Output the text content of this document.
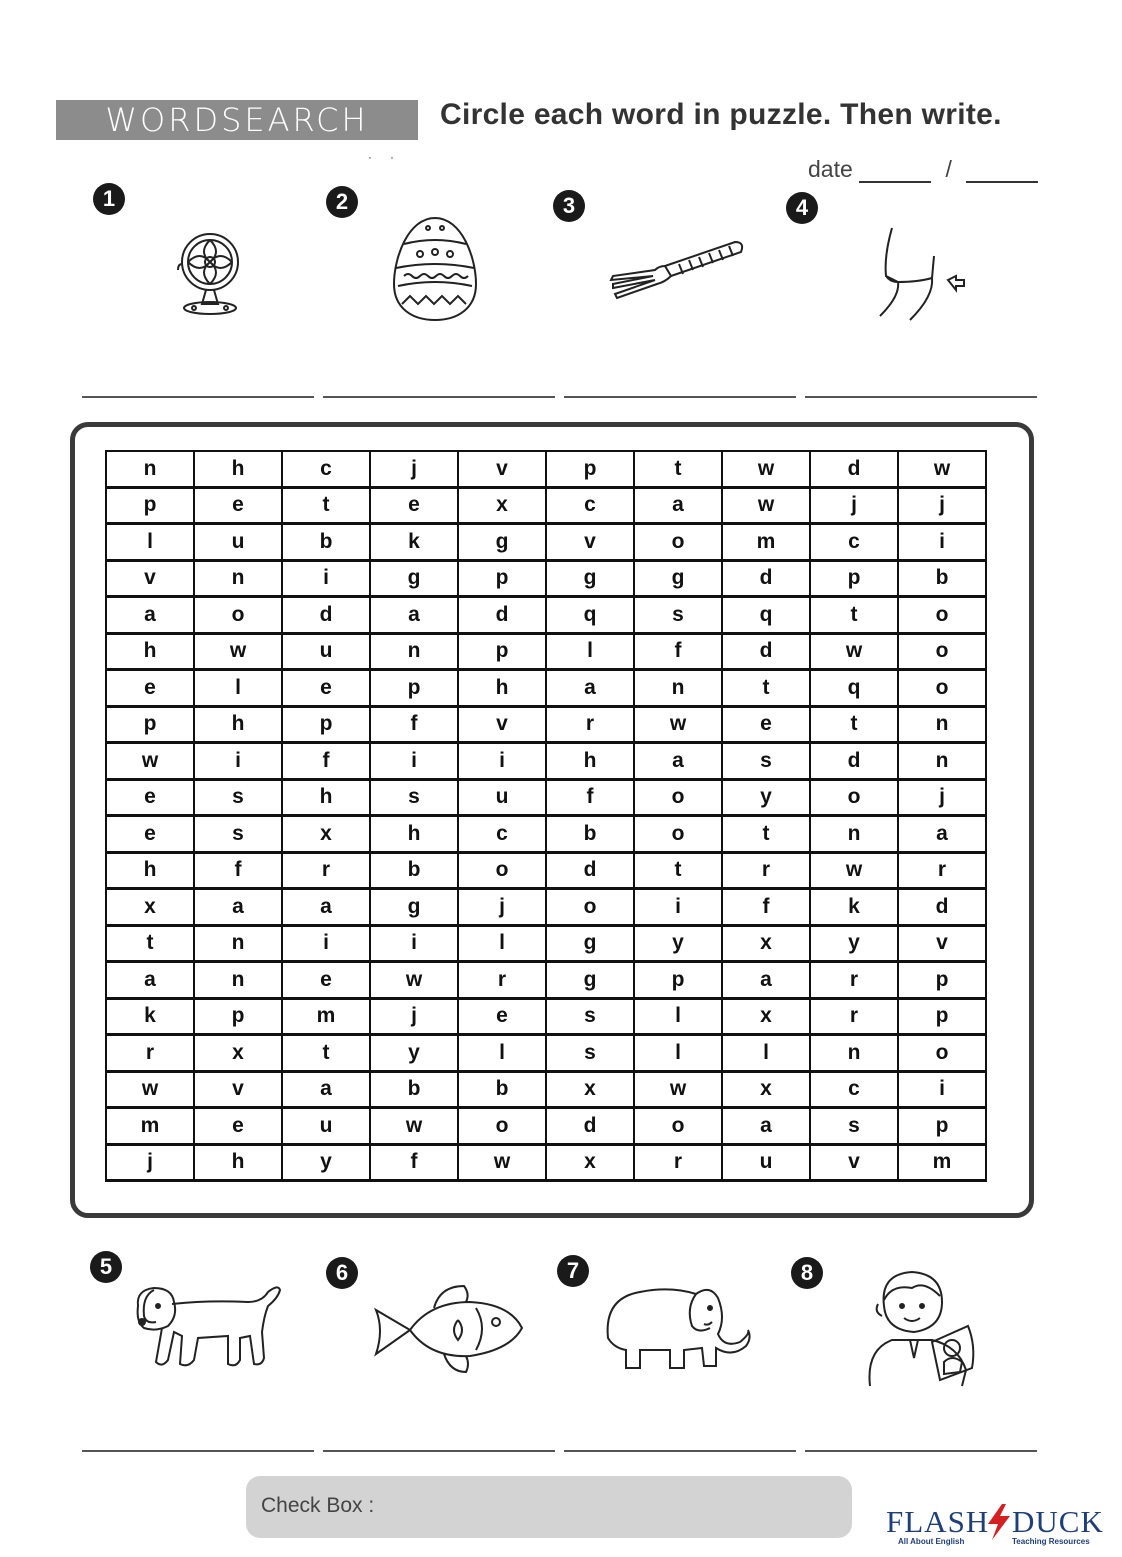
WORDSEARCH	Circle each word in puzzle. Then write.
··	date	/
1	2	3	4
n	h	c	j	v	p	t	w	d	w
p	e	t	e	x	c	a	w	j	j
l	u	b	k	g	v	o	m	c	i
v	n	i	g	p	g	g	d	p	b
a	o	d	a	d	q	s	q	t	o
h	w	u	n	p	l	f	d	w	o
e	l	e	p	h	a	n	t	q	o
p	h	p	f	v	r	w	e	t	n
w	i	f	i	i	h	a	s	d	n
e	s	h	s	u	f	o	y	o	j
e	s	x	h	c	b	o	t	n	a
h	f	r	b	o	d	t	r	w	r
x	a	a	g	j	o	i	f	k	d
t	n	i	i	l	g	y	x	y	v
a	n	e	w	r	g	p	a	r	p
k	p	m	j	e	s	l	x	r	p
r	x	t	y	l	s	l	l	n	o
w	v	a	b	b	x	w	x	c	i
m	e	u	w	o	d	o	a	s	p
j	h	y	f	w	x	r	u	v	m
5	6	7	8
Check Box :	FLASH DUCK
All About English	Teaching Resources
